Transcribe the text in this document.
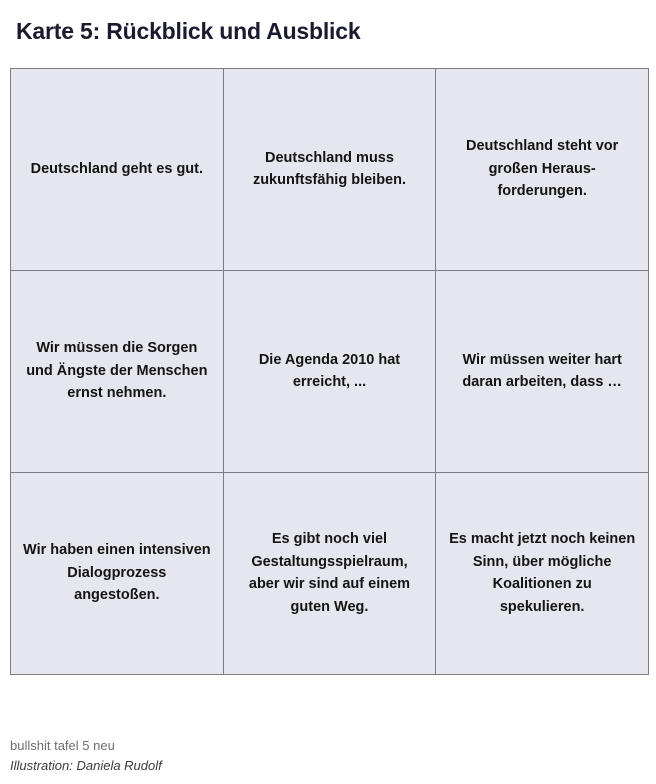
Karte 5: Rückblick und Ausblick
Deutschland geht es gut.	Deutschland muss zukunftsfähig bleiben.	Deutschland steht vor großen Heraus-forderungen.

Wir müssen die Sorgen und Ängste der Menschen ernst nehmen.	Die Agenda 2010 hat erreicht, ...	Wir müssen weiter hart daran arbeiten, dass …

Wir haben einen intensiven Dialogprozess angestoßen.	Es gibt noch viel Gestaltungsspielraum, aber wir sind auf einem guten Weg.	Es macht jetzt noch keinen Sinn, über mögliche Koalitionen zu spekulieren.
bullshit tafel 5 neu
Illustration: Daniela Rudolf
